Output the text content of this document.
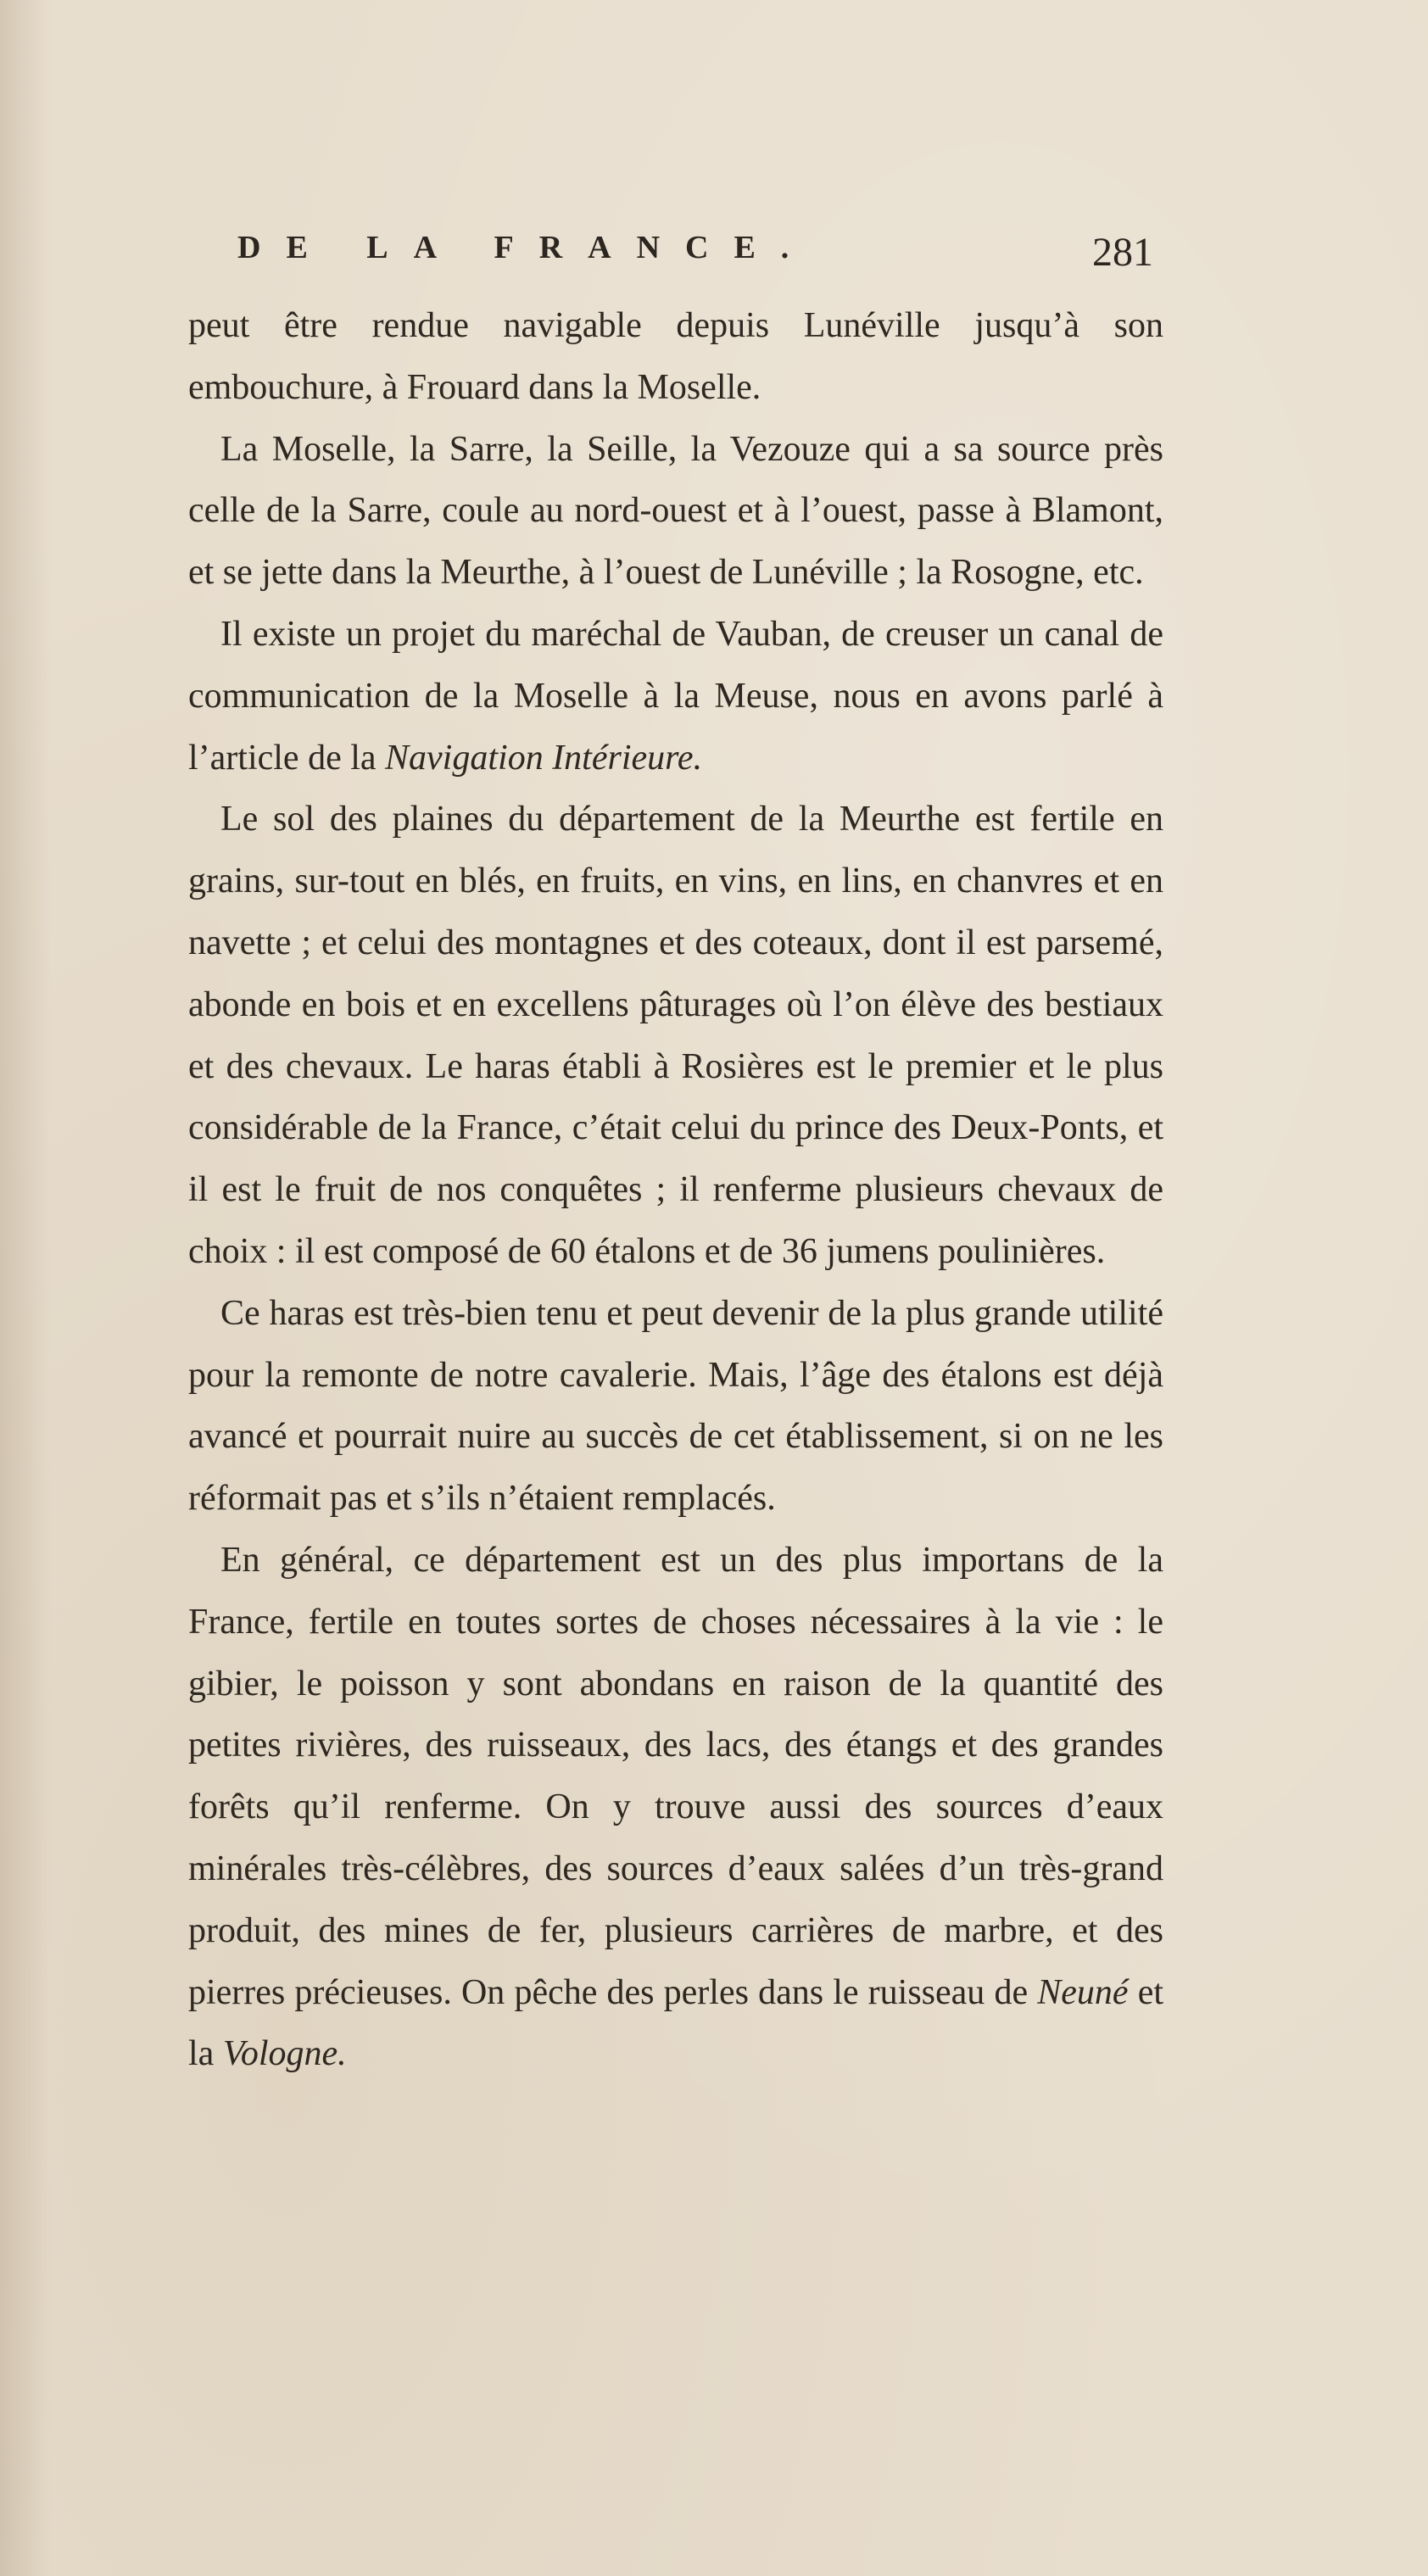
DE LA FRANCE.	281

peut être rendue navigable depuis Lunéville jusqu’à son embouchure, à Frouard dans la Moselle.

La Moselle, la Sarre, la Seille, la Vezouze qui a sa source près celle de la Sarre, coule au nord-ouest et à l’ouest, passe à Blamont, et se jette dans la Meurthe, à l’ouest de Lunéville ; la Rosogne, etc.

Il existe un projet du maréchal de Vauban, de creuser un canal de communication de la Moselle à la Meuse, nous en avons parlé à l’article de la Navigation Intérieure.

Le sol des plaines du département de la Meurthe est fertile en grains, sur-tout en blés, en fruits, en vins, en lins, en chanvres et en navette ; et celui des montagnes et des coteaux, dont il est parsemé, abonde en bois et en excellens pâturages où l’on élève des bestiaux et des chevaux. Le haras établi à Rosières est le premier et le plus considérable de la France, c’était celui du prince des Deux-Ponts, et il est le fruit de nos conquêtes ; il renferme plusieurs chevaux de choix : il est composé de 60 étalons et de 36 jumens poulinières.

Ce haras est très-bien tenu et peut devenir de la plus grande utilité pour la remonte de notre cavalerie. Mais, l’âge des étalons est déjà avancé et pourrait nuire au succès de cet établissement, si on ne les réformait pas et s’ils n’étaient remplacés.

En général, ce département est un des plus importans de la France, fertile en toutes sortes de choses nécessaires à la vie : le gibier, le poisson y sont abondans en raison de la quantité des petites rivières, des ruisseaux, des lacs, des étangs et des grandes forêts qu’il renferme. On y trouve aussi des sources d’eaux minérales très-célèbres, des sources d’eaux salées d’un très-grand produit, des mines de fer, plusieurs carrières de marbre, et des pierres précieuses. On pêche des perles dans le ruisseau de Neuné et la Vologne.
